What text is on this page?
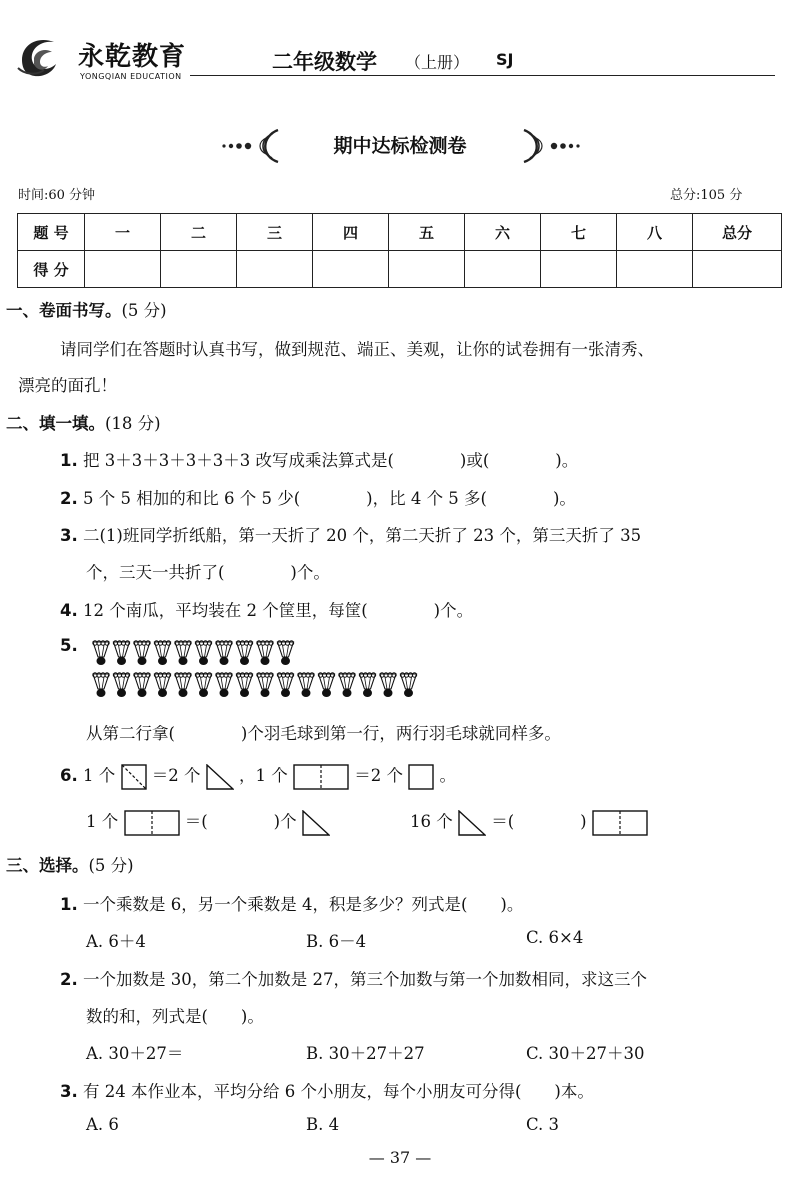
永乾教育
YONGQIAN EDUCATION
二年级数学 （上册） SJ
期中达标检测卷
时间:60 分钟	总分:105 分
题 号	一	二	三	四	五	六	七	八	总分
得 分									
一、卷面书写。(5 分)
请同学们在答题时认真书写，做到规范、端正、美观，让你的试卷拥有一张清秀、
漂亮的面孔！
二、填一填。(18 分)
1. 把 3＋3＋3＋3＋3＋3 改写成乘法算式是(　　　　)或(　　　　)。
2. 5 个 5 相加的和比 6 个 5 少(　　　　)，比 4 个 5 多(　　　　)。
3. 二(1)班同学折纸船，第一天折了 20 个，第二天折了 23 个，第三天折了 35
个，三天一共折了(　　　　)个。
4. 12 个南瓜，平均装在 2 个筐里，每筐(　　　　)个。
5.
从第二行拿(　　　　)个羽毛球到第一行，两行羽毛球就同样多。
6. 1 个 ＝2 个 ，1 个	＝2 个 。
1 个	＝(　　　　)个	16 个 ＝(　　　　)
三、选择。(5 分)
1. 一个乘数是 6，另一个乘数是 4，积是多少？列式是(　　)。
A. 6＋4	B. 6－4	C. 6×4
2. 一个加数是 30，第二个加数是 27，第三个加数与第一个加数相同，求这三个
数的和，列式是(　　)。
A. 30＋27＝	B. 30＋27＋27	C. 30＋27＋30
3. 有 24 本作业本，平均分给 6 个小朋友，每个小朋友可分得(　　)本。
A. 6	B. 4	C. 3
— 37 —
